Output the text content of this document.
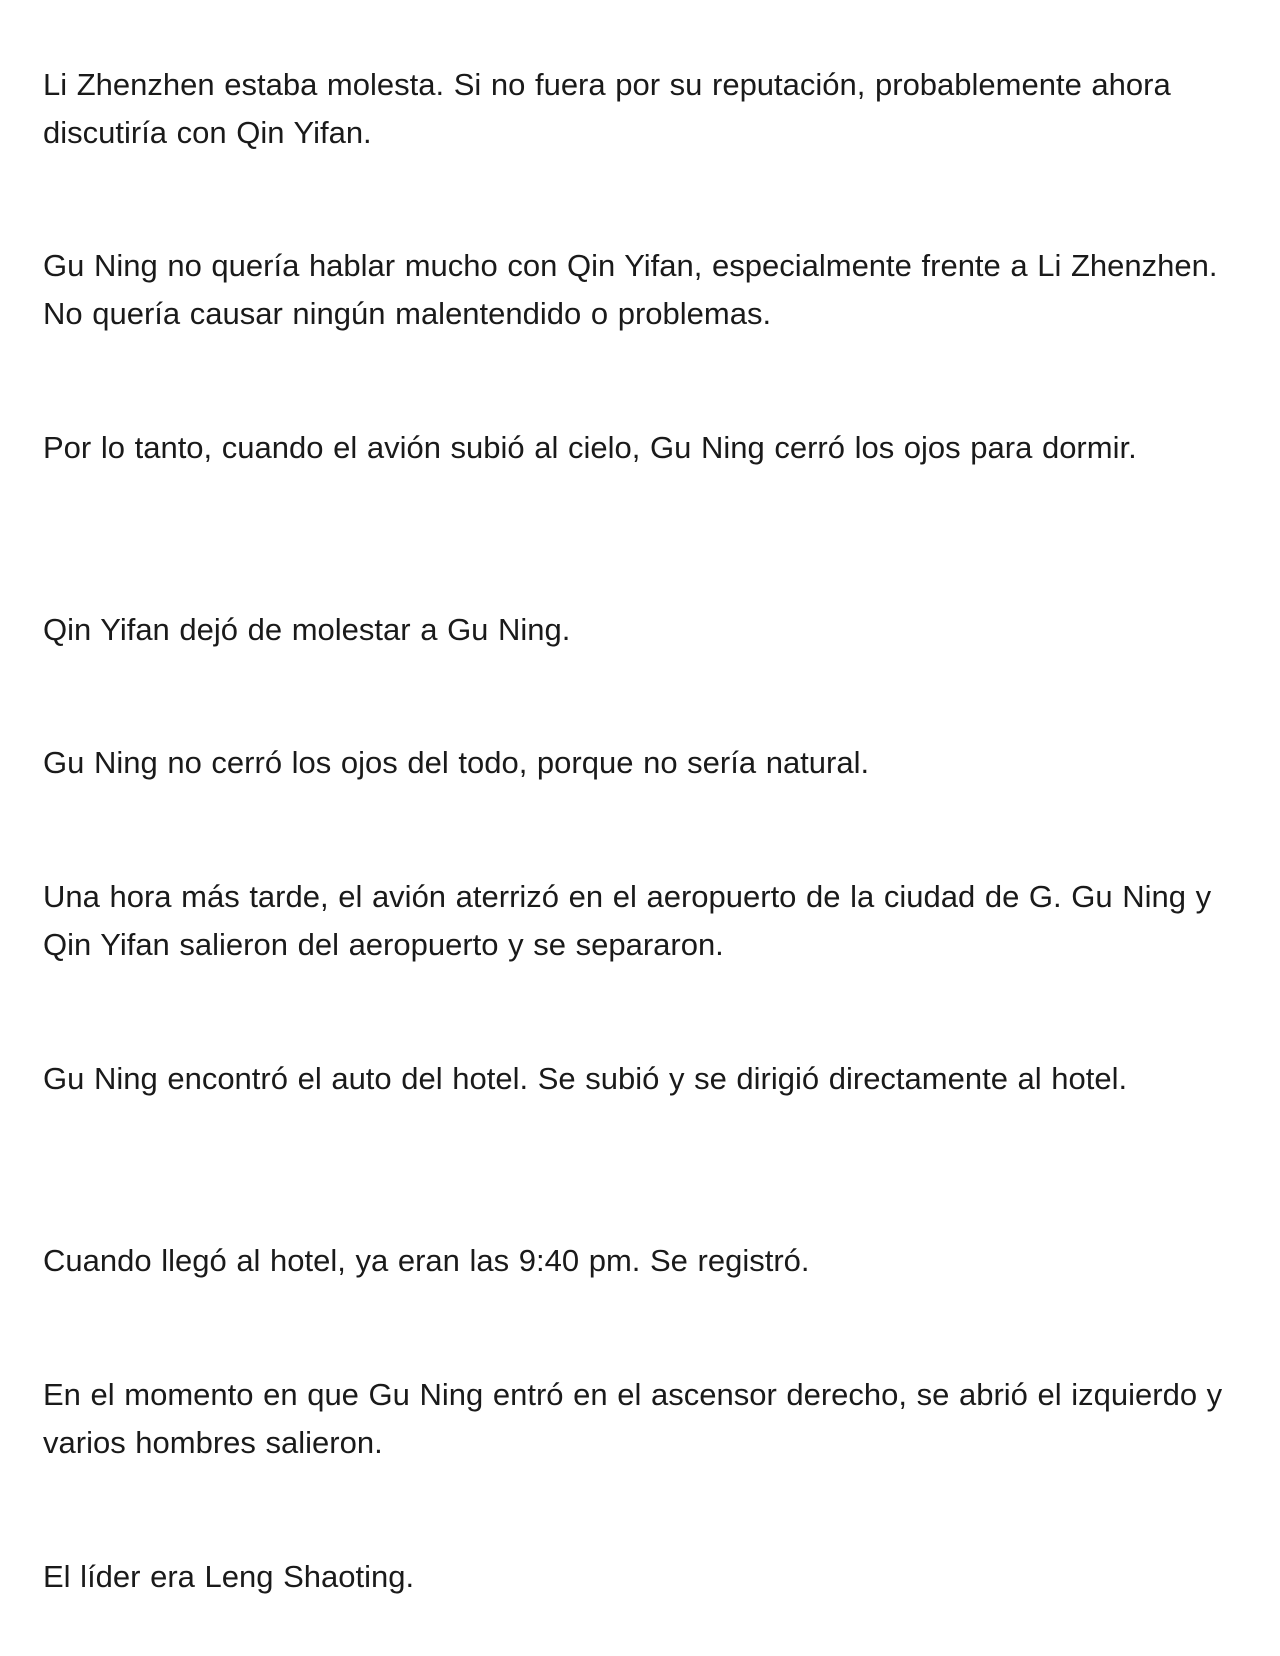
Li Zhenzhen estaba molesta. Si no fuera por su reputación, probablemente ahora discutiría con Qin Yifan.

Gu Ning no quería hablar mucho con Qin Yifan, especialmente frente a Li Zhenzhen. No quería causar ningún malentendido o problemas.

Por lo tanto, cuando el avión subió al cielo, Gu Ning cerró los ojos para dormir.

Qin Yifan dejó de molestar a Gu Ning.

Gu Ning no cerró los ojos del todo, porque no sería natural.

Una hora más tarde, el avión aterrizó en el aeropuerto de la ciudad de G. Gu Ning y Qin Yifan salieron del aeropuerto y se separaron.

Gu Ning encontró el auto del hotel. Se subió y se dirigió directamente al hotel.

Cuando llegó al hotel, ya eran las 9:40 pm. Se registró.

En el momento en que Gu Ning entró en el ascensor derecho, se abrió el izquierdo y varios hombres salieron.

El líder era Leng Shaoting.
